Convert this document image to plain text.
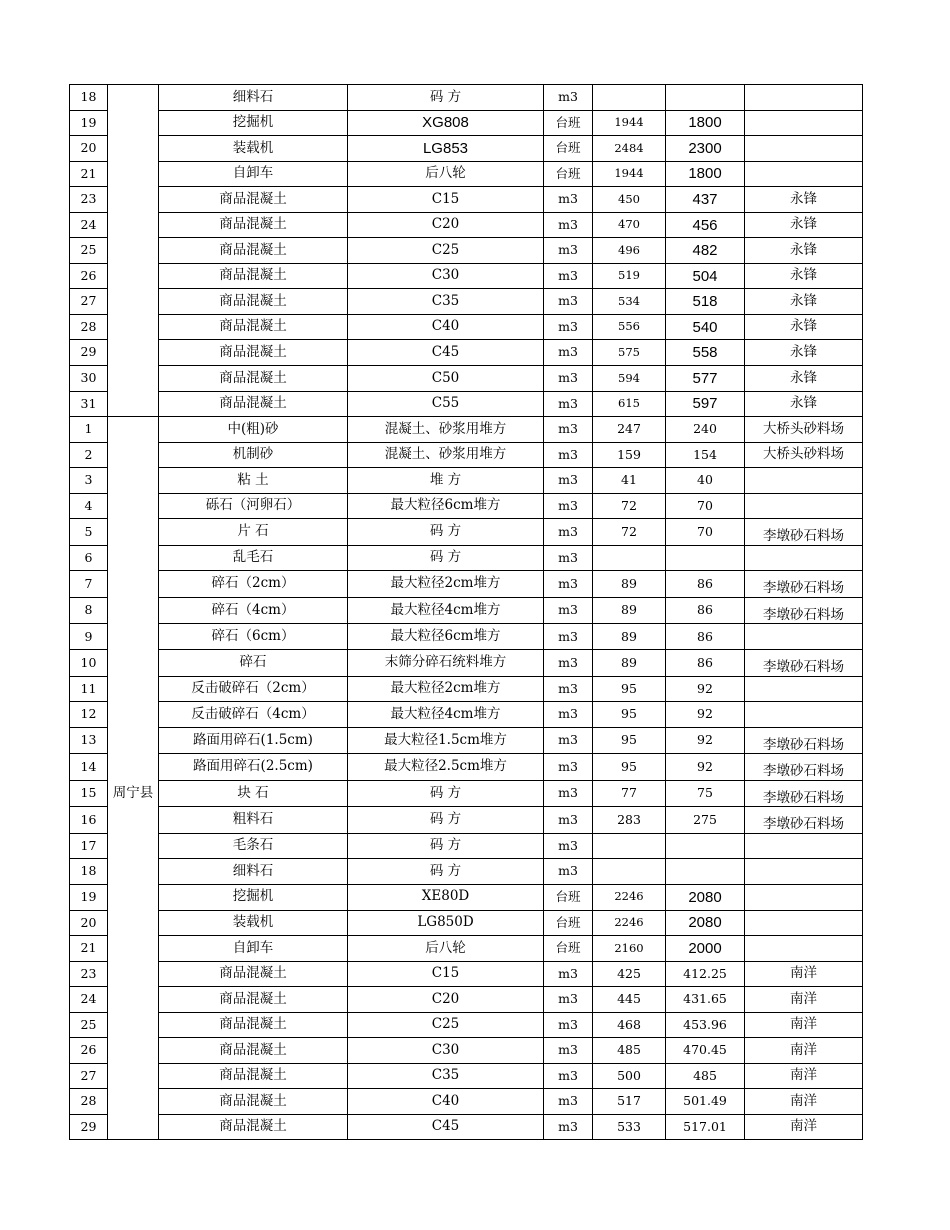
18		细料石	码 方	m3			
19		挖掘机	XG808	台班	1944	1800	
20		装载机	LG853	台班	2484	2300	
21		自卸车	后八轮	台班	1944	1800	
23		商品混凝土	C15	m3	450	437	永锋
24		商品混凝土	C20	m3	470	456	永锋
25		商品混凝土	C25	m3	496	482	永锋
26		商品混凝土	C30	m3	519	504	永锋
27		商品混凝土	C35	m3	534	518	永锋
28		商品混凝土	C40	m3	556	540	永锋
29		商品混凝土	C45	m3	575	558	永锋
30		商品混凝土	C50	m3	594	577	永锋
31		商品混凝土	C55	m3	615	597	永锋
1		中(粗)砂	混凝土、砂浆用堆方	m3	247	240	大桥头砂料场
2		机制砂	混凝土、砂浆用堆方	m3	159	154	大桥头砂料场
3		粘 土	堆 方	m3	41	40	
4		砾石（河卵石）	最大粒径6cm堆方	m3	72	70	
5		片 石	码 方	m3	72	70	李墩砂石料场
6		乱毛石	码 方	m3			
7		碎石（2cm）	最大粒径2cm堆方	m3	89	86	李墩砂石料场
8		碎石（4cm）	最大粒径4cm堆方	m3	89	86	李墩砂石料场
9		碎石（6cm）	最大粒径6cm堆方	m3	89	86	
10		碎石	末筛分碎石统料堆方	m3	89	86	李墩砂石料场
11		反击破碎石（2cm）	最大粒径2cm堆方	m3	95	92	
12		反击破碎石（4cm）	最大粒径4cm堆方	m3	95	92	
13		路面用碎石(1.5cm)	最大粒径1.5cm堆方	m3	95	92	李墩砂石料场
14		路面用碎石(2.5cm)	最大粒径2.5cm堆方	m3	95	92	李墩砂石料场
15	周宁县	块 石	码 方	m3	77	75	李墩砂石料场
16		粗料石	码 方	m3	283	275	李墩砂石料场
17		毛条石	码 方	m3			
18		细料石	码 方	m3			
19		挖掘机	XE80D	台班	2246	2080	
20		装载机	LG850D	台班	2246	2080	
21		自卸车	后八轮	台班	2160	2000	
23		商品混凝土	C15	m3	425	412.25	南洋
24		商品混凝土	C20	m3	445	431.65	南洋
25		商品混凝土	C25	m3	468	453.96	南洋
26		商品混凝土	C30	m3	485	470.45	南洋
27		商品混凝土	C35	m3	500	485	南洋
28		商品混凝土	C40	m3	517	501.49	南洋
29		商品混凝土	C45	m3	533	517.01	南洋
